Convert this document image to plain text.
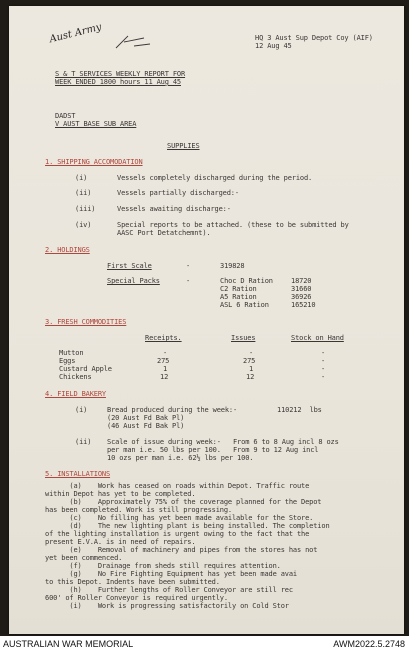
Aust Army	HQ 3 Aust Sup Depot Coy (AIF)
12 Aug 45
S & T SERVICES WEEKLY REPORT FOR
WEEK ENDED 1800 hours 11 Aug 45
DADST
V AUST BASE SUB AREA
SUPPLIES
1. SHIPPING ACCOMODATION
(i)	Vessels completely discharged during the period.
(ii)	Vessels partially discharged:-
(iii)	Vessels awaiting discharge:-
(iv)	Special reports to be attached. (these to be submitted by
AASC Port Detatchemnt).
2. HOLDINGS
First Scale	-	319828
Special Packs	-	Choc D Ration	18720
C2 Ration	31660
A5 Ration	36926
ASL 6 Ration	165210
3. FRESH COMMODITIES
Receipts.	Issues	Stock on Hand
Mutton	-	-	-
Eggs	275	275	-
Custard Apple	1	1	-
Chickens	12	12	-
4. FIELD BAKERY
(i)	Bread produced during the week:-	110212  lbs
(20 Aust Fd Bak Pl)
(46 Aust Fd Bak Pl)
(ii) Scale of issue during week:-   From 6 to 8 Aug incl 8 ozs
per man i.e. 50 lbs per 100.   From 9 to 12 Aug incl
10 ozs per man i.e. 62½ lbs per 100.
5. INSTALLATIONS
(a)    Work has ceased on roads within Depot. Traffic route
within Depot has yet to be completed.
(b)    Approximately 75% of the coverage planned for the Depot
has been completed. Work is still progressing.
(c)    No filling has yet been made available for the Store.
(d)    The new lighting plant is being installed. The completion
of the lighting installation is urgent owing to the fact that the
present E.V.A. is in need of repairs.
(e)    Removal of machinery and pipes from the stores has not
yet been commenced.
(f)    Drainage from sheds still requires attention.
(g)    No Fire Fighting Equipment has yet been made avai
to this Depot. Indents have been submitted.
(h)    Further lengths of Roller Conveyor are still rec
600' of Roller Conveyor is required urgently.
(i)    Work is progressing satisfactorily on Cold Stor
AUSTRALIAN WAR MEMORIAL	AWM2022.5.2748
